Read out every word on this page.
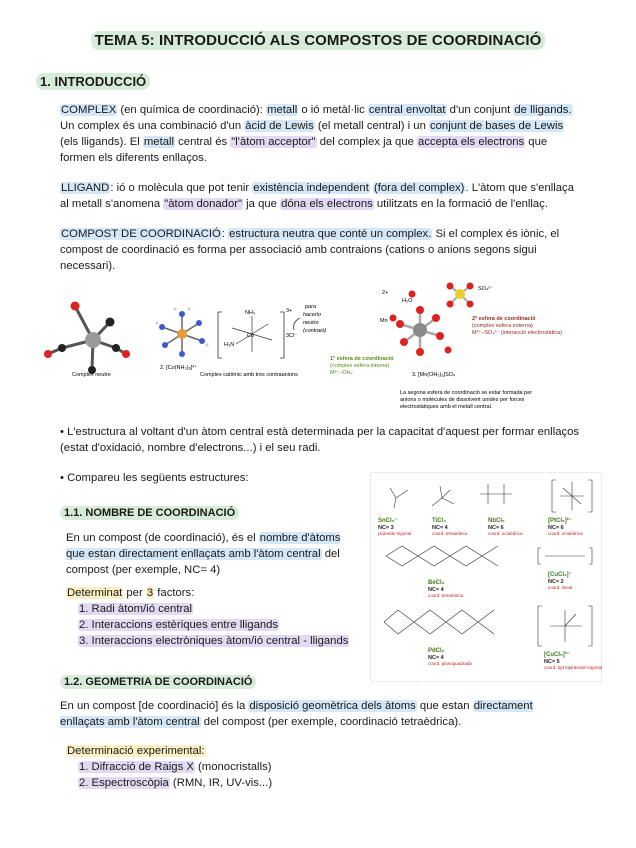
TEMA 5: INTRODUCCIÓ ALS COMPOSTOS DE COORDINACIÓ
1. INTRODUCCIÓ
COMPLEX (en química de coordinació): metall o ió metàl·lic central envoltat d'un conjunt de lligands. Un complex és una combinació d'un àcid de Lewis (el metall central) i un conjunt de bases de Lewis (els lligands). El metall central és "l'àtom acceptor" del complex ja que accepta els electrons que formen els diferents enllaços.
LLIGAND: ió o molècula que pot tenir existència independent (fora del complex). L'àtom que s'enllaça al metall s'anomena "àtom donador" ja que dóna els electrons utilitzats en la formació de l'enllaç.
COMPOST DE COORDINACIÓ: estructura neutra que conté un complex. Si el complex és iònic, el compost de coordinació es forma per associació amb contraions (cations o anions segons sigui necessari).
Complex neutre
2. [Co(NH₃)₆]³⁺
NH₃
Co
H₃N
3+
3Cl⁻
Complex catiònic amb tres contraanions
para
hacerlo
neutro
(contraió)
SO₄²⁻
2+
H₂O
Mn	2ª esfera de coordinació
(complex esfera externa)
M²⁺–SO₄²⁻ (interacció electrostàtica)
1ª esfera de coordinació
(complex esfera interna)
M²⁺–OH₂	3. [Mn(OH₂)₆]SO₄
La segona esfera de coordinació se estar formada per
anions o molècules de dissolvent unides per forces
electrostàtiques amb el metall central.
• L'estructura al voltant d'un àtom central està determinada per la capacitat d'aquest per formar enllaços (estat d'oxidació, nombre d'electrons...) i el seu radi.
• Compareu les següents estructures:
1.1. NOMBRE DE COORDINACIÓ
En un compost (de coordinació), és el nombre d'àtoms que estan directament enllaçats amb l'àtom central del compost (per exemple, NC= 4)
Determinat per 3 factors:
1. Radi àtom/ió central
2. Interaccions estèriques entre lligands
3. Interaccions electròniques àtom/ió central - lligands
SnCl₂⁻
NC= 3
piràmide trigonal
TiCl₄
NC= 4
coord. tetraèdrica
NbCl₅
NC= 6
coord. octaèdrica
[PtCl₆]²⁻
NC= 6
coord. octaèdrica
BeCl₂
NC= 4
coord. tetraèdrica
[CuCl₂]⁻
NC= 2
coord. lineal
PdCl₂
NC= 4
coord. planoquadrada
[CuCl₅]³⁻
NC= 5
coord. bpt bipiràmide trigonal
1.2. GEOMETRIA DE COORDINACIÓ
En un compost [de coordinació] és la disposició geomètrica dels àtoms que estan directament enllaçats amb l'àtom central del compost (per exemple, coordinació tetraèdrica).
Determinació experimental:
1. Difracció de Raigs X (monocristalls)
2. Espectroscòpia (RMN, IR, UV-vis...)
